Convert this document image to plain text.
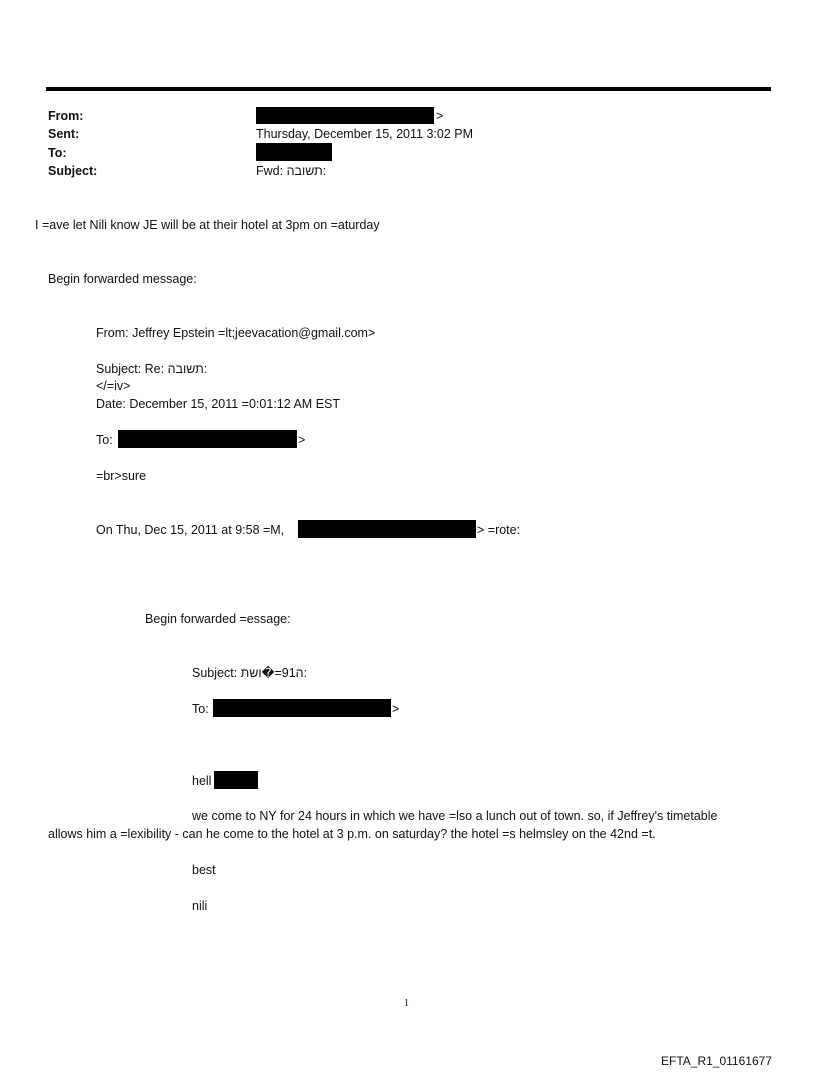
From:	>
Sent:	Thursday, December 15, 2011 3:02 PM
To:
Subject:	Fwd: תשובה:
I =ave let Nili know JE will be at their hotel at 3pm on =aturday
Begin forwarded message:
From: Jeffrey Epstein =lt;jeevacation@gmail.com>
Subject: Re: תשובה:
</=iv>
Date: December 15, 2011 =0:01:12 AM EST
To:	>
=br>sure
On Thu, Dec 15, 2011 at 9:58 =M,	> =rote:
Begin forwarded =essage:
Subject: ‭תשו�=91ה:
To:	>
hell
we come to NY for 24 hours in which we have =lso a lunch out of town. so, if Jeffrey's timetable
allows him a =lexibility - can he come to the hotel at 3 p.m. on saturday? the hotel =s helmsley on the 42nd =t.
best
nili
1
EFTA_R1_01161677
